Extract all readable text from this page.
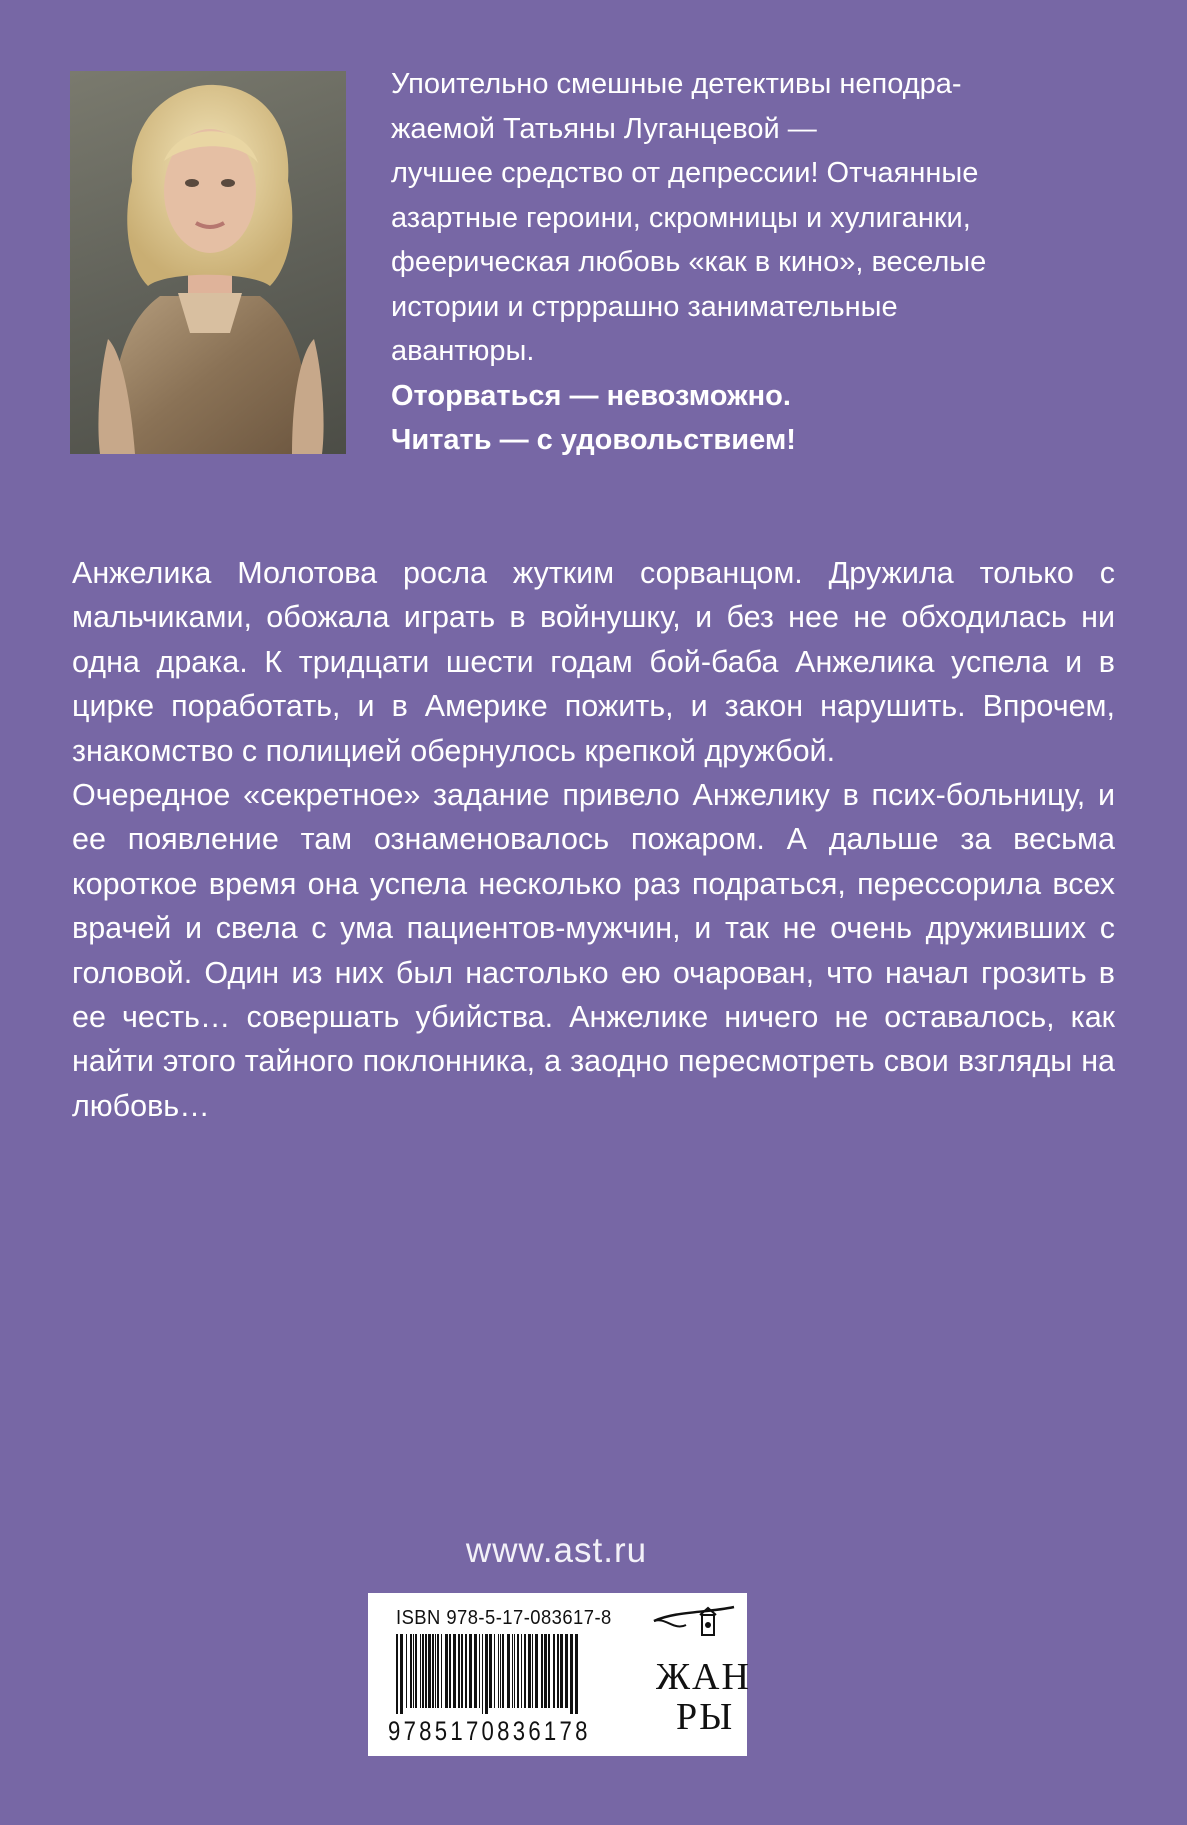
Упоительно смешные детективы неподра-

жаемой Татьяны Луганцевой —

лучшее средство от депрессии! Отчаянные

азартные героини, скромницы и хулиганки,

феерическая любовь «как в кино», веселые

истории и стрррашно занимательные

авантюры.

Оторваться — невозможно.

Читать — с удовольствием!

Анжелика Молотова росла жутким сорванцом. Дружила только с мальчиками, обожала играть в войнушку, и без нее не обходилась ни одна драка. К тридцати шести годам бой-баба Анжелика успела и в цирке поработать, и в Америке пожить, и закон нарушить. Впрочем, знакомство с полицией обернулось крепкой дружбой.

Очередное «секретное» задание привело Анжелику в псих-больницу, и ее появление там ознаменовалось пожаром. А дальше за весьма короткое время она успела несколько раз подраться, перессорила всех врачей и свела с ума пациентов-мужчин, и так не очень друживших с головой. Один из них был настолько ею очарован, что начал грозить в ее честь… совершать убийства. Анжелике ничего не оставалось, как найти этого тайного поклонника, а заодно пересмотреть свои взгляды на любовь…

www.ast.ru
ISBN 978-5-17-083617-8
9785170836178
ЖАН
РЫ
